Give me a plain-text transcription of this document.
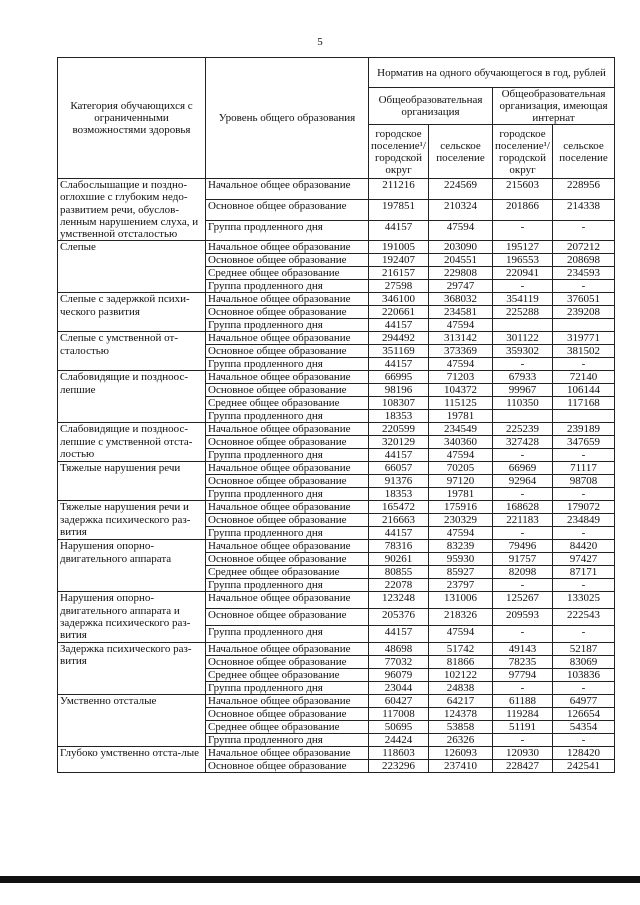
5
Категория обучающихся с ограниченными возможностями здоровья	Уровень общего образования	Норматив на одного обучающегося в год, рублей			
		Общеобразовательная организация		Общеобразовательная организация, имеющая интернат	
		городское поселение¹/ городской округ	сельское поселение	городское поселение¹/ городской округ	сельское поселение
Слабослышащие и поздно-оглохшие с глубоким недо-развитием речи, обуслов-ленным нарушением слуха, и умственной отсталостью	Начальное общее образование	211216	224569	215603	228956
	Основное общее образование	197851	210324	201866	214338
	Группа продленного дня	44157	47594	-	-
Слепые	Начальное общее образование	191005	203090	195127	207212
	Основное общее образование	192407	204551	196553	208698
	Среднее общее образование	216157	229808	220941	234593
	Группа продленного дня	27598	29747	-	-
Слепые с задержкой психи-ческого развития	Начальное общее образование	346100	368032	354119	376051
	Основное общее образование	220661	234581	225288	239208
	Группа продленного дня	44157	47594		
Слепые с умственной от-сталостью	Начальное общее образование	294492	313142	301122	319771
	Основное общее образование	351169	373369	359302	381502
	Группа продленного дня	44157	47594	-	-
Слабовидящие и поздноос-лепшие	Начальное общее образование	66995	71203	67933	72140
	Основное общее образование	98196	104372	99967	106144
	Среднее общее образование	108307	115125	110350	117168
	Группа продленного дня	18353	19781		
Слабовидящие и поздноос-лепшие с умственной отста-лостью	Начальное общее образование	220599	234549	225239	239189
	Основное общее образование	320129	340360	327428	347659
	Группа продленного дня	44157	47594	-	-
Тяжелые нарушения речи	Начальное общее образование	66057	70205	66969	71117
	Основное общее образование	91376	97120	92964	98708
	Группа продленного дня	18353	19781	-	-
Тяжелые нарушения речи и задержка психического раз-вития	Начальное общее образование	165472	175916	168628	179072
	Основное общее образование	216663	230329	221183	234849
	Группа продленного дня	44157	47594	-	-
Нарушения опорно-двигательного аппарата	Начальное общее образование	78316	83239	79496	84420
	Основное общее образование	90261	95930	91757	97427
	Среднее общее образование	80855	85927	82098	87171
	Группа продленного дня	22078	23797	-	-
Нарушения опорно-двигательного аппарата и задержка психического раз-вития	Начальное общее образование	123248	131006	125267	133025
	Основное общее образование	205376	218326	209593	222543
	Группа продленного дня	44157	47594	-	-
Задержка психического раз-вития	Начальное общее образование	48698	51742	49143	52187
	Основное общее образование	77032	81866	78235	83069
	Среднее общее образование	96079	102122	97794	103836
	Группа продленного дня	23044	24838	-	-
Умственно отсталые	Начальное общее образование	60427	64217	61188	64977
	Основное общее образование	117008	124378	119284	126654
	Среднее общее образование	50695	53858	51191	54354
	Группа продленного дня	24424	26326	-	-
Глубоко умственно отста-лые	Начальное общее образование	118603	126093	120930	128420
	Основное общее образование	223296	237410	228427	242541
